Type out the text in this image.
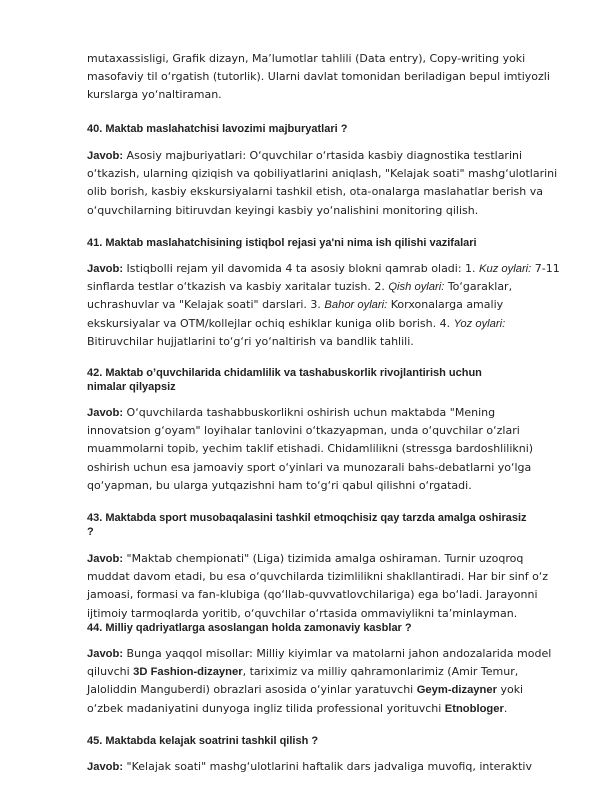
mutaxassisligi, Grafik dizayn, Ma’lumotlar tahlili (Data entry), Copy-writing yoki
masofaviy til o‘rgatish (tutorlik). Ularni davlat tomonidan beriladigan bepul imtiyozli
kurslarga yo‘naltiraman.

40. Maktab maslahatchisi lavozimi majburyatlari ?

Javob: Asosiy majburiyatlari: O‘quvchilar o‘rtasida kasbiy diagnostika testlarini
o‘tkazish, ularning qiziqish va qobiliyatlarini aniqlash, "Kelajak soati" mashg‘ulotlarini
olib borish, kasbiy ekskursiyalarni tashkil etish, ota-onalarga maslahatlar berish va
o‘quvchilarning bitiruvdan keyingi kasbiy yo‘nalishini monitoring qilish.

41. Maktab maslahatchisining istiqbol rejasi ya'ni nima ish qilishi vazifalari

Javob: Istiqbolli rejam yil davomida 4 ta asosiy blokni qamrab oladi: 1. Kuz oylari: 7-11
sinflarda testlar o‘tkazish va kasbiy xaritalar tuzish. 2. Qish oylari: To‘garaklar,
uchrashuvlar va "Kelajak soati" darslari. 3. Bahor oylari: Korxonalarga amaliy
ekskursiyalar va OTM/kollejlar ochiq eshiklar kuniga olib borish. 4. Yoz oylari:
Bitiruvchilar hujjatlarini to‘g‘ri yo‘naltirish va bandlik tahlili.

42. Maktab o’quvchilarida chidamlilik va tashabuskorlik rivojlantirish uchun
nimalar qilyapsiz

Javob: O‘quvchilarda tashabbuskorlikni oshirish uchun maktabda "Mening
innovatsion g‘oyam" loyihalar tanlovini o‘tkazyapman, unda o‘quvchilar o‘zlari
muammolarni topib, yechim taklif etishadi. Chidamlilikni (stressga bardoshlilikni)
oshirish uchun esa jamoaviy sport o‘yinlari va munozarali bahs-debatlarni yo‘lga
qo‘yapman, bu ularga yutqazishni ham to‘g‘ri qabul qilishni o‘rgatadi.

43. Maktabda sport musobaqalasini tashkil etmoqchisiz qay tarzda amalga oshirasiz
?

Javob: "Maktab chempionati" (Liga) tizimida amalga oshiraman. Turnir uzoqroq
muddat davom etadi, bu esa o‘quvchilarda tizimlilikni shakllantiradi. Har bir sinf o‘z
jamoasi, formasi va fan-klubiga (qo‘llab-quvvatlovchilariga) ega bo‘ladi. Jarayonni
ijtimoiy tarmoqlarda yoritib, o‘quvchilar o‘rtasida ommaviylikni ta’minlayman.

44. Milliy qadriyatlarga asoslangan holda zamonaviy kasblar ?

Javob: Bunga yaqqol misollar: Milliy kiyimlar va matolarni jahon andozalarida model
qiluvchi 3D Fashion-dizayner, tariximiz va milliy qahramonlarimiz (Amir Temur,
Jaloliddin Manguberdi) obrazlari asosida o‘yinlar yaratuvchi Geym-dizayner yoki
o‘zbek madaniyatini dunyoga ingliz tilida professional yorituvchi Etnobloger.

45. Maktabda kelajak soatrini tashkil qilish ?

Javob: "Kelajak soati" mashg‘ulotlarini haftalik dars jadvaliga muvofiq, interaktiv
